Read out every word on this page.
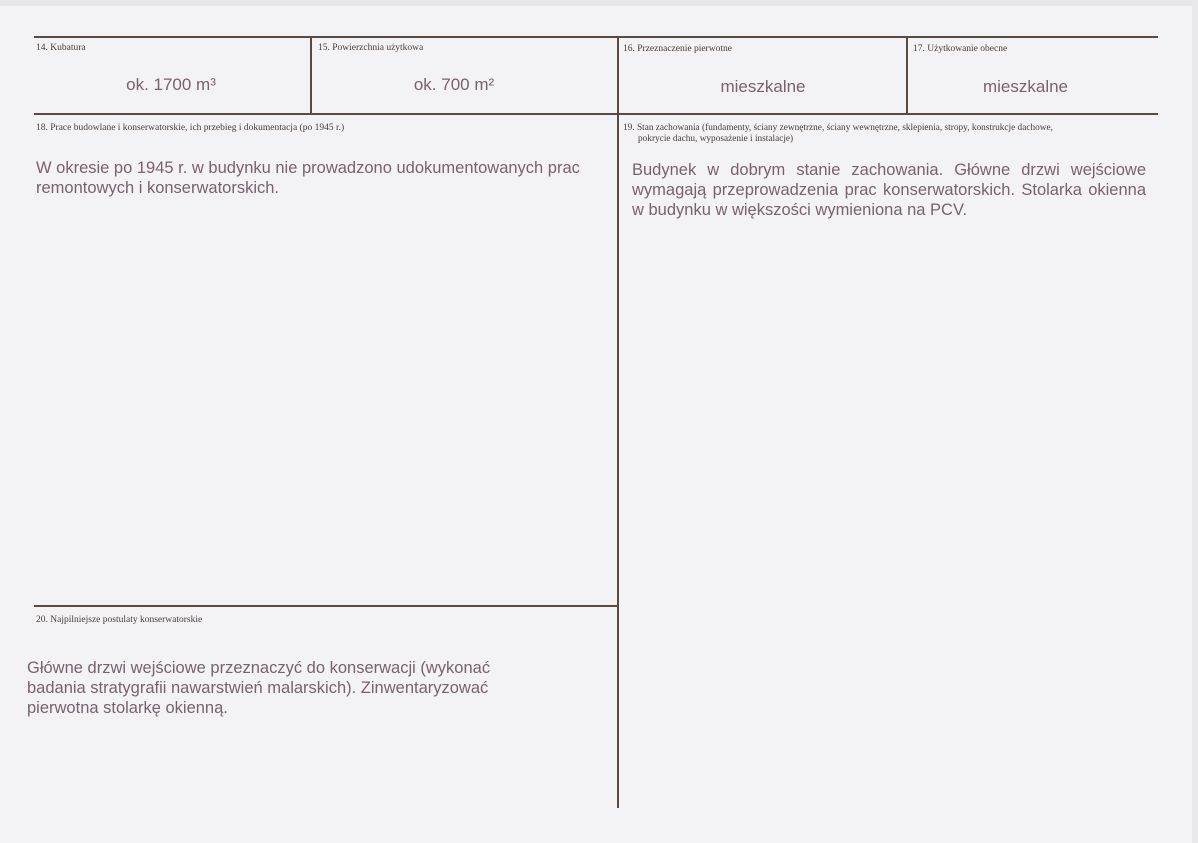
14. Kubatura
ok. 1700 m³
15. Powierzchnia użytkowa
ok. 700 m²
16. Przeznaczenie pierwotne
mieszkalne
17. Użytkowanie obecne
mieszkalne
18. Prace budowlane i konserwatorskie, ich przebieg i dokumentacja (po 1945 r.)
W okresie po 1945 r. w budynku nie prowadzono udokumentowanych prac remontowych i konserwatorskich.
19. Stan zachowania (fundamenty, ściany zewnętrzne, ściany wewnętrzne, sklepienia, stropy, konstrukcje dachowe,
pokrycie dachu, wyposażenie i instalacje)
Budynek w dobrym stanie zachowania. Główne drzwi wejściowe wymagają przeprowadzenia prac konserwatorskich. Stolarka okienna w budynku w większości wymieniona na PCV.
20. Najpilniejsze postulaty konserwatorskie
Główne drzwi wejściowe przeznaczyć do konserwacji (wykonać badania stratygrafii nawarstwień malarskich). Zinwentaryzować pierwotna stolarkę okienną.
